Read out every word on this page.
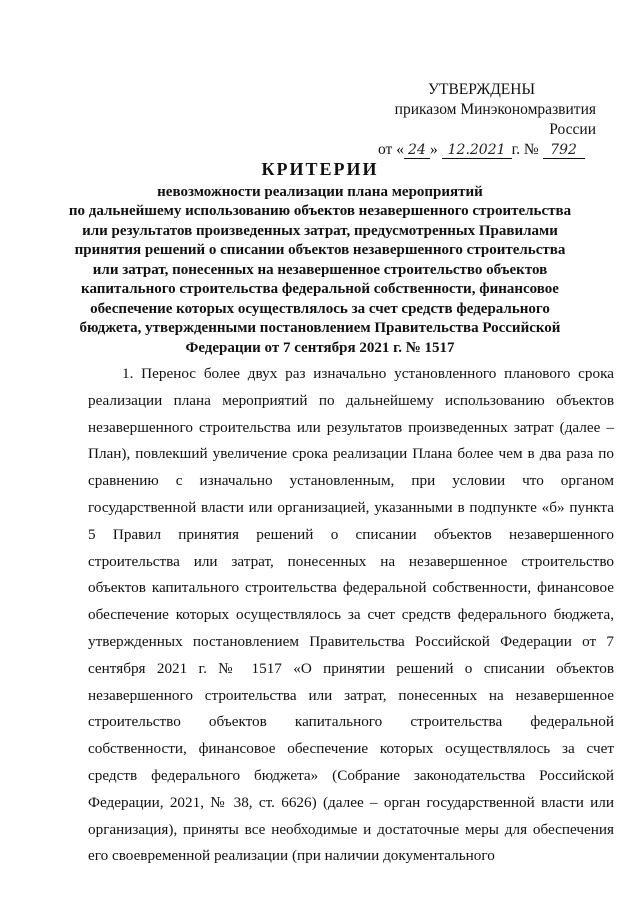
УТВЕРЖДЕНЫ
приказом Минэкономразвития России
от « 24 » 12.2021 г. № 792
КРИТЕРИИ
невозможности реализации плана мероприятий
по дальнейшему использованию объектов незавершенного строительства
или результатов произведенных затрат, предусмотренных Правилами
принятия решений о списании объектов незавершенного строительства
или затрат, понесенных на незавершенное строительство объектов
капитального строительства федеральной собственности, финансовое
обеспечение которых осуществлялось за счет средств федерального
бюджета, утвержденными постановлением Правительства Российской
Федерации от 7 сентября 2021 г. № 1517

1. Перенос более двух раз изначально установленного планового срока реализации плана мероприятий по дальнейшему использованию объектов незавершенного строительства или результатов произведенных затрат (далее – План), повлекший увеличение срока реализации Плана более чем в два раза по сравнению с изначально установленным, при условии что органом государственной власти или организацией, указанными в подпункте «б» пункта 5 Правил принятия решений о списании объектов незавершенного строительства или затрат, понесенных на незавершенное строительство объектов капитального строительства федеральной собственности, финансовое обеспечение которых осуществлялось за счет средств федерального бюджета, утвержденных постановлением Правительства Российской Федерации от 7 сентября 2021 г. № 1517 «О принятии решений о списании объектов незавершенного строительства или затрат, понесенных на незавершенное строительство объектов капитального строительства федеральной собственности, финансовое обеспечение которых осуществлялось за счет средств федерального бюджета» (Собрание законодательства Российской Федерации, 2021, № 38, ст. 6626) (далее – орган государственной власти или организация), приняты все необходимые и достаточные меры для обеспечения его своевременной реализации (при наличии документального
